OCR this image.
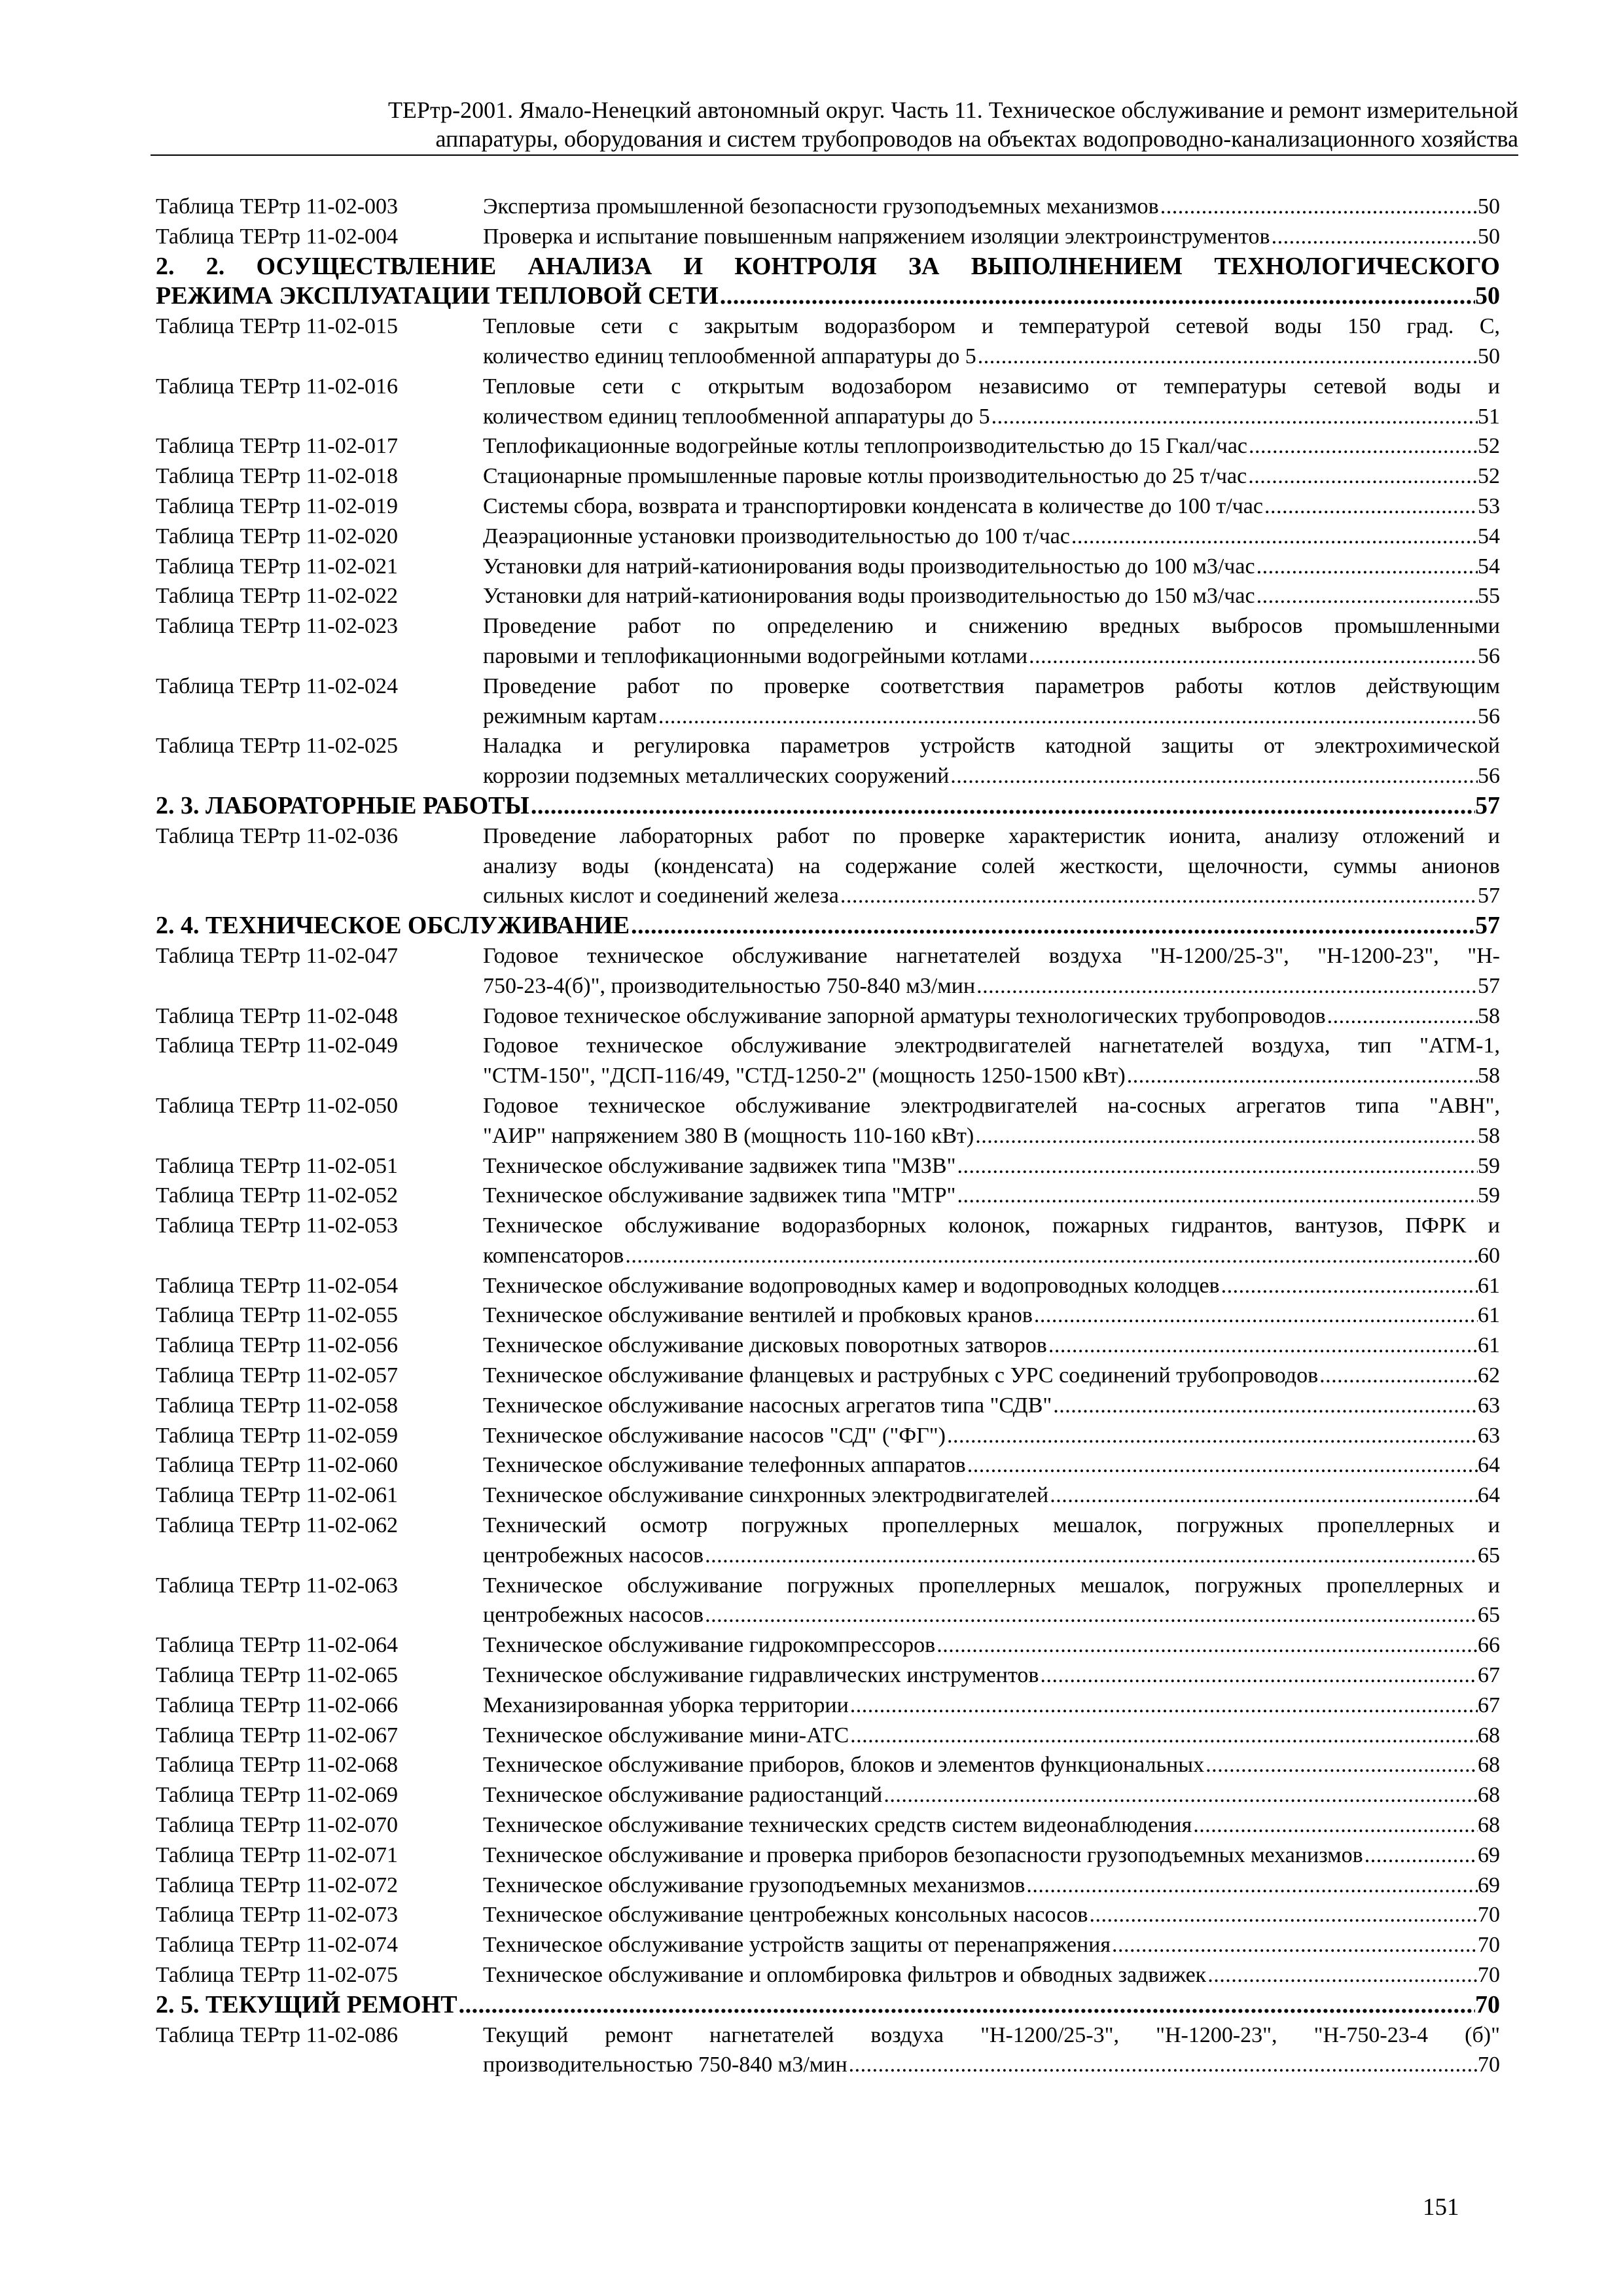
ТЕРтр-2001. Ямало-Ненецкий автономный округ. Часть 11. Техническое обслуживание и ремонт измерительной
аппаратуры, оборудования и систем трубопроводов на объектах водопроводно-канализационного хозяйства
Таблица ТЕРтр 11-02-003	Экспертиза промышленной безопасности грузоподъемных механизмов .....	50
Таблица ТЕРтр 11-02-004	Проверка и испытание повышенным напряжением изоляции электроинструментов .....	50
2. 2. ОСУЩЕСТВЛЕНИЕ АНАЛИЗА И КОНТРОЛЯ ЗА ВЫПОЛНЕНИЕМ ТЕХНОЛОГИЧЕСКОГО
РЕЖИМА ЭКСПЛУАТАЦИИ ТЕПЛОВОЙ СЕТИ .....	50
Таблица ТЕРтр 11-02-015	Тепловые сети с закрытым водоразбором и температурой сетевой воды 150 град. С,
количество единиц теплообменной аппаратуры до 5 .....	50
Таблица ТЕРтр 11-02-016	Тепловые сети с открытым водозабором независимо от температуры сетевой воды и
количеством единиц теплообменной аппаратуры до 5 .....	51
Таблица ТЕРтр 11-02-017	Теплофикационные водогрейные котлы теплопроизводительстью до 15 Гкал/час .....	52
Таблица ТЕРтр 11-02-018	Стационарные промышленные паровые котлы производительностью до 25 т/час .....	52
Таблица ТЕРтр 11-02-019	Системы сбора, возврата и транспортировки конденсата в количестве до 100 т/час .....	53
Таблица ТЕРтр 11-02-020	Деаэрационные установки производительностью до 100 т/час .....	54
Таблица ТЕРтр 11-02-021	Установки для натрий-катионирования воды производительностью до 100 м3/час .....	54
Таблица ТЕРтр 11-02-022	Установки для натрий-катионирования воды производительностью до 150 м3/час .....	55
Таблица ТЕРтр 11-02-023	Проведение работ по определению и снижению вредных выбросов промышленными
паровыми и теплофикационными водогрейными котлами .....	56
Таблица ТЕРтр 11-02-024	Проведение работ по проверке соответствия параметров работы котлов действующим
режимным картам .....	56
Таблица ТЕРтр 11-02-025	Наладка и регулировка параметров устройств катодной защиты от электрохимической
коррозии подземных металлических сооружений .....	56
2. 3. ЛАБОРАТОРНЫЕ РАБОТЫ .....	57
Таблица ТЕРтр 11-02-036	Проведение лабораторных работ по проверке характеристик ионита, анализу отложений и
анализу воды (конденсата) на содержание солей жесткости, щелочности, суммы анионов
сильных кислот и соединений железа .....	57
2. 4. ТЕХНИЧЕСКОЕ ОБСЛУЖИВАНИЕ .....	57
Таблица ТЕРтр 11-02-047	Годовое техническое обслуживание нагнетателей воздуха "Н-1200/25-3", "Н-1200-23", "Н-
750-23-4(б)", производительностью 750-840 м3/мин .....	57
Таблица ТЕРтр 11-02-048	Годовое техническое обслуживание запорной арматуры технологических трубопроводов .....	58
Таблица ТЕРтр 11-02-049	Годовое техническое обслуживание электродвигателей нагнетателей воздуха, тип "АТМ-1,
"СТМ-150", "ДСП-116/49, "СТД-1250-2" (мощность 1250-1500 кВт) .....	58
Таблица ТЕРтр 11-02-050	Годовое техническое обслуживание электродвигателей на-сосных агрегатов типа "АВН",
"АИР" напряжением 380 В (мощность 110-160 кВт) .....	58
Таблица ТЕРтр 11-02-051	Техническое обслуживание задвижек типа "МЗВ" .....	59
Таблица ТЕРтр 11-02-052	Техническое обслуживание задвижек типа "МТР" .....	59
Таблица ТЕРтр 11-02-053	Техническое обслуживание водоразборных колонок, пожарных гидрантов, вантузов, ПФРК и
компенсаторов .....	60
Таблица ТЕРтр 11-02-054	Техническое обслуживание водопроводных камер и водопроводных колодцев .....	61
Таблица ТЕРтр 11-02-055	Техническое обслуживание вентилей и пробковых кранов .....	61
Таблица ТЕРтр 11-02-056	Техническое обслуживание дисковых поворотных затворов .....	61
Таблица ТЕРтр 11-02-057	Техническое обслуживание фланцевых и раструбных с УРС соединений трубопроводов .....	62
Таблица ТЕРтр 11-02-058	Техническое обслуживание насосных агрегатов типа "СДВ" .....	63
Таблица ТЕРтр 11-02-059	Техническое обслуживание насосов "СД" ("ФГ") .....	63
Таблица ТЕРтр 11-02-060	Техническое обслуживание телефонных аппаратов .....	64
Таблица ТЕРтр 11-02-061	Техническое обслуживание синхронных электродвигателей .....	64
Таблица ТЕРтр 11-02-062	Технический осмотр погружных пропеллерных мешалок, погружных пропеллерных и
центробежных насосов .....	65
Таблица ТЕРтр 11-02-063	Техническое обслуживание погружных пропеллерных мешалок, погружных пропеллерных и
центробежных насосов .....	65
Таблица ТЕРтр 11-02-064	Техническое обслуживание гидрокомпрессоров .....	66
Таблица ТЕРтр 11-02-065	Техническое обслуживание гидравлических инструментов .....	67
Таблица ТЕРтр 11-02-066	Механизированная уборка территории .....	67
Таблица ТЕРтр 11-02-067	Техническое обслуживание мини-АТС .....	68
Таблица ТЕРтр 11-02-068	Техническое обслуживание приборов, блоков и элементов функциональных .....	68
Таблица ТЕРтр 11-02-069	Техническое обслуживание радиостанций .....	68
Таблица ТЕРтр 11-02-070	Техническое обслуживание технических средств систем видеонаблюдения .....	68
Таблица ТЕРтр 11-02-071	Техническое обслуживание и проверка приборов безопасности грузоподъемных механизмов .....	69
Таблица ТЕРтр 11-02-072	Техническое обслуживание грузоподъемных механизмов .....	69
Таблица ТЕРтр 11-02-073	Техническое обслуживание центробежных консольных насосов .....	70
Таблица ТЕРтр 11-02-074	Техническое обслуживание устройств защиты от перенапряжения .....	70
Таблица ТЕРтр 11-02-075	Техническое обслуживание и опломбировка фильтров и обводных задвижек .....	70
2. 5. ТЕКУЩИЙ РЕМОНТ .....	70
Таблица ТЕРтр 11-02-086	Текущий ремонт нагнетателей воздуха "Н-1200/25-3", "Н-1200-23", "Н-750-23-4 (б)"
производительностью 750-840 м3/мин .....	70
151
